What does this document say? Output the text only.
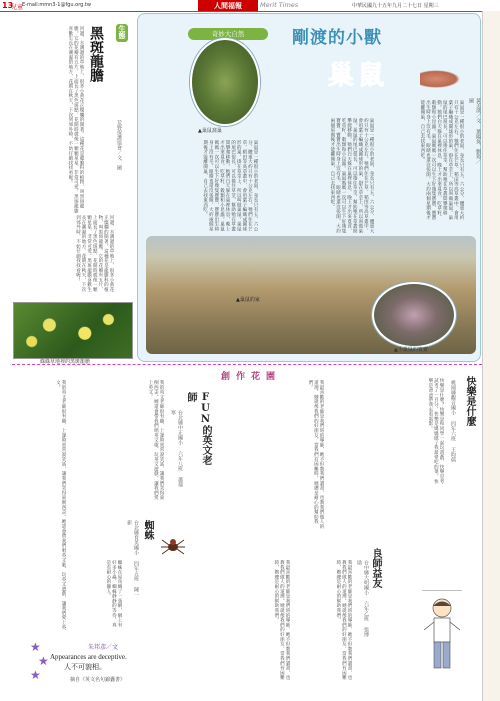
13
兒童
E-mail:mmn3-1@fgu.org.tw	人間福報	Merit Times	中華民國九十五年九月二十七日 星期三
生態
黑斑龍膽
荒野保護協會／文．圖
河邊、水溝邊的草地上，很多小黃花正燦爛的開著。這種花是龍膽科的植物，叫黑斑龍膽。它的花瓣有五片，上面長了黑色斑點，花開時就像一顆顆星星，非常可愛。黑斑龍膽喜歡生長在潮濕的地方，花期在秋天，下次到郊外時，不妨仔細找找看喔！
河邊、水溝邊的草地上，很多小黃花正燦爛的開著。這種花是龍膽科的植物，叫黑斑龍膽。它的花瓣有五片，上面長了黑色斑點，花開時就像一顆顆星星，非常可愛。黑斑龍膽喜歡生長在潮濕的地方，花期在秋天，下次到郊外時，不妨仔細找找看喔！
綠綠草地裡的黑斑龍膽
奇妙大自然
▲巢鼠窩巢
剛渡的小獸
巢鼠
黃美瑛／文 葉陽奐．劉筠／圖
巢鼠是一種很小的老鼠，身長只有五、六公分，體重大約只有十公克左右。牠們住在芒草、稻田等高草叢中，會用葉子編織成圓球形的巢，掛在草莖上，所以叫做巢鼠。巢鼠的尾巴很長，可以捲住草莖，幫助牠在草叢間攀爬移動。牠們白天躲在巢裡休息，晚上才出來覓食，吃草籽、穀類和小昆蟲。巢鼠媽媽一次可以生下好幾隻寶寶，寶寶出生時身上沒有毛，眼睛也還沒張開，大約兩個星期後才能離開巢，自己去找東西吃。
巢鼠是一種很小的老鼠，身長只有五、六公分，體重大約只有十公克左右。牠們住在芒草、稻田等高草叢中，會用葉子編織成圓球形的巢，掛在草莖上，所以叫做巢鼠。巢鼠的尾巴很長，可以捲住草莖，幫助牠在草叢間攀爬移動。牠們白天躲在巢裡休息，晚上才出來覓食，吃草籽、穀類和小昆蟲。巢鼠媽媽一次可以生下好幾隻寶寶，寶寶出生時身上沒有毛，眼睛也還沒張開，大約兩個星期後才能離開巢，自己去找東西吃。
巢鼠是一種很小的老鼠，身長只有五、六公分，體重大約只有十公克左右。牠們住在芒草、稻田等高草叢中，會用葉子編織成圓球形的巢，掛在草莖上，所以叫做巢鼠。巢鼠的尾巴很長，可以捲住草莖，幫助牠在草叢間攀爬移動。牠們白天躲在巢裡休息，晚上才出來覓食，吃草籽、穀類和小昆蟲。巢鼠媽媽一次可以生下好幾隻寶寶，寶寶出生時身上沒有毛，眼睛也還沒張開，大約兩個星期後才能離開巢，自己去找東西吃。
▲巢鼠的家
▲小巢鼠的寶寶
創作花園	快樂是什麼
桃園縣觀音國小 四年六班 王昀儒
快樂是什麼？快樂是和同學一起玩遊戲，快樂是考試考了一百分，快樂是媽媽做了我最愛吃的菜，快樂是爸爸帶我去看電影。
良師益友
台中縣大明國小 六年乙班 張博勛
我最喜歡的老師是我們班的導師，她不但教我們讀書，也教我們做人的道理。她就像我們的好朋友，當我們有困難時，她總是耐心的幫助我們。
我最喜歡的老師是我們班的導師，她不但教我們讀書，也教我們做人的道理。她就像我們的好朋友，當我們有困難時，她總是耐心的幫助我們。
我最喜歡的老師是我們班的導師，她不但教我們讀書，也教我們做人的道理。她就像我們的好朋友，當我們有困難時，她總是耐心的幫助我們。
FUN的英文老師
台北縣中正國小 六年八班 蕭郁寧
我的英文老師很有趣，上課時常常說笑話，讓我們笑得東倒西歪。她還會帶我們唱英文歌、玩英文遊戲，讓我們愛上英文。
我的英文老師很有趣，上課時常常說笑話，讓我們笑得東倒西歪。她還會帶我們唱英文歌、玩英文遊戲，讓我們愛上英文。
蜘蛛
台北縣育英國小 四年五班 陳一新
蜘蛛在屋角織了一張網，網上有好多小蟲，蜘蛛靜靜的等待，真是有耐心的獵人。
★
★
★
朱邦彥／文
Appearances are deceptive.
人不可貌相。
摘自《英文名句錦囊書》
